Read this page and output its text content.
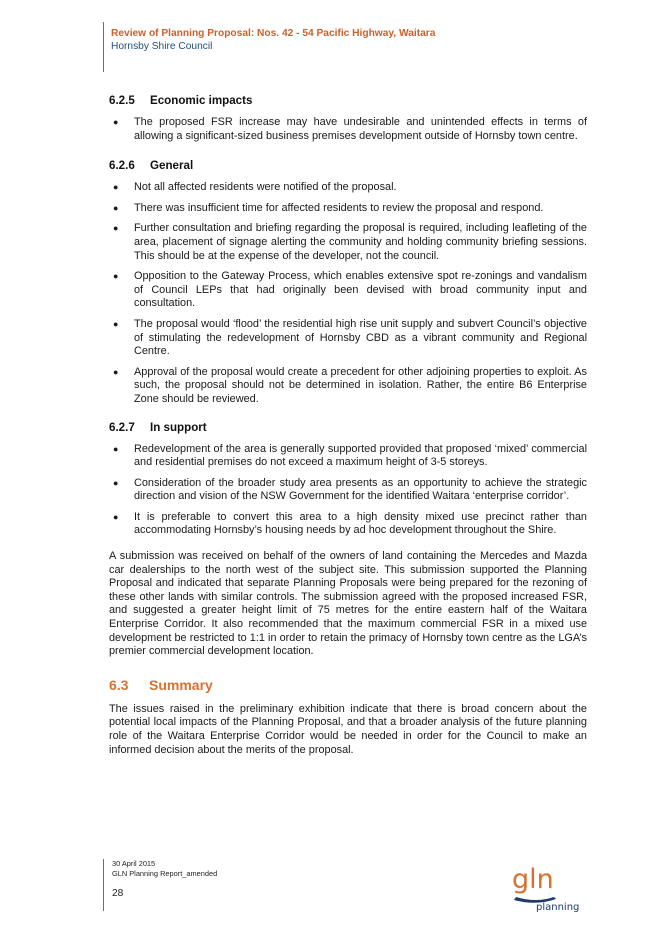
Review of Planning Proposal: Nos. 42 - 54 Pacific Highway, Waitara
Hornsby Shire Council
6.2.5 Economic impacts
● The proposed FSR increase may have undesirable and unintended effects in terms of allowing a significant-sized business premises development outside of Hornsby town centre.
6.2.6 General
● Not all affected residents were notified of the proposal.
● There was insufficient time for affected residents to review the proposal and respond.
● Further consultation and briefing regarding the proposal is required, including leafleting of the area, placement of signage alerting the community and holding community briefing sessions. This should be at the expense of the developer, not the council.
● Opposition to the Gateway Process, which enables extensive spot re-zonings and vandalism of Council LEPs that had originally been devised with broad community input and consultation.
● The proposal would ‘flood’ the residential high rise unit supply and subvert Council’s objective of stimulating the redevelopment of Hornsby CBD as a vibrant community and Regional Centre.
● Approval of the proposal would create a precedent for other adjoining properties to exploit. As such, the proposal should not be determined in isolation. Rather, the entire B6 Enterprise Zone should be reviewed.
6.2.7 In support
● Redevelopment of the area is generally supported provided that proposed ‘mixed’ commercial and residential premises do not exceed a maximum height of 3-5 storeys.
● Consideration of the broader study area presents as an opportunity to achieve the strategic direction and vision of the NSW Government for the identified Waitara ‘enterprise corridor’.
● It is preferable to convert this area to a high density mixed use precinct rather than accommodating Hornsby’s housing needs by ad hoc development throughout the Shire.

A submission was received on behalf of the owners of land containing the Mercedes and Mazda car dealerships to the north west of the subject site. This submission supported the Planning Proposal and indicated that separate Planning Proposals were being prepared for the rezoning of these other lands with similar controls. The submission agreed with the proposed increased FSR, and suggested a greater height limit of 75 metres for the entire eastern half of the Waitara Enterprise Corridor. It also recommended that the maximum commercial FSR in a mixed use development be restricted to 1:1 in order to retain the primacy of Hornsby town centre as the LGA’s premier commercial development location.

6.3 Summary

The issues raised in the preliminary exhibition indicate that there is broad concern about the potential local impacts of the Planning Proposal, and that a broader analysis of the future planning role of the Waitara Enterprise Corridor would be needed in order for the Council to make an informed decision about the merits of the proposal.

30 April 2015
GLN Planning Report_amended
28	gln
planning
